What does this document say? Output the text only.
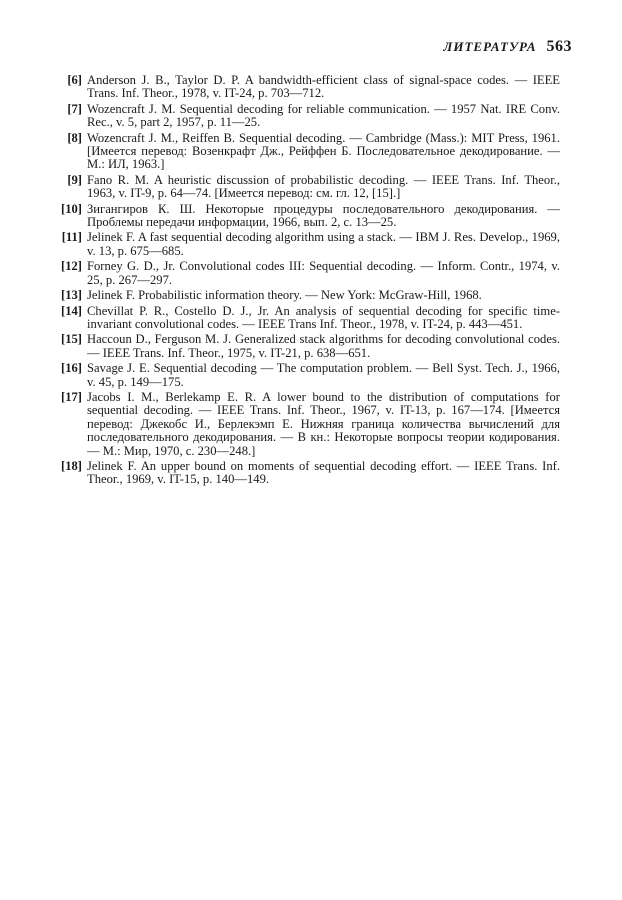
ЛИТЕРАТУРА 563
[6] Anderson J. B., Taylor D. P. A bandwidth-efficient class of signal-space codes. — IEEE Trans. Inf. Theor., 1978, v. IT-24, p. 703—712.
[7] Wozencraft J. M. Sequential decoding for reliable communication. — 1957 Nat. IRE Conv. Rec., v. 5, part 2, 1957, p. 11—25.
[8] Wozencraft J. M., Reiffen B. Sequential decoding. — Cambridge (Mass.): MIT Press, 1961. [Имеется перевод: Возенкрафт Дж., Рейффен Б. Последовательное декодирование. — М.: ИЛ, 1963.]
[9] Fano R. M. A heuristic discussion of probabilistic decoding. — IEEE Trans. Inf. Theor., 1963, v. IT-9, p. 64—74. [Имеется перевод: см. гл. 12, [15].]
[10] Зигангиров К. Ш. Некоторые процедуры последовательного декодирования. — Проблемы передачи информации, 1966, вып. 2, с. 13—25.
[11] Jelinek F. A fast sequential decoding algorithm using a stack. — IBM J. Res. Develop., 1969, v. 13, p. 675—685.
[12] Forney G. D., Jr. Convolutional codes III: Sequential decoding. — Inform. Contr., 1974, v. 25, p. 267—297.
[13] Jelinek F. Probabilistic information theory. — New York: McGraw-Hill, 1968.
[14] Chevillat P. R., Costello D. J., Jr. An analysis of sequential decoding for specific time-invariant convolutional codes. — IEEE Trans Inf. Theor., 1978, v. IT-24, p. 443—451.
[15] Haccoun D., Ferguson M. J. Generalized stack algorithms for decoding convolutional codes. — IEEE Trans. Inf. Theor., 1975, v. IT-21, p. 638—651.
[16] Savage J. E. Sequential decoding — The computation problem. — Bell Syst. Tech. J., 1966, v. 45, p. 149—175.
[17] Jacobs I. M., Berlekamp E. R. A lower bound to the distribution of computations for sequential decoding. — IEEE Trans. Inf. Theor., 1967, v. IT-13, p. 167—174. [Имеется перевод: Джекобс И., Берлекэмп Е. Нижняя граница количества вычислений для последовательного декодирования. — В кн.: Некоторые вопросы теории кодирования. — М.: Мир, 1970, с. 230—248.]
[18] Jelinek F. An upper bound on moments of sequential decoding effort. — IEEE Trans. Inf. Theor., 1969, v. IT-15, p. 140—149.
